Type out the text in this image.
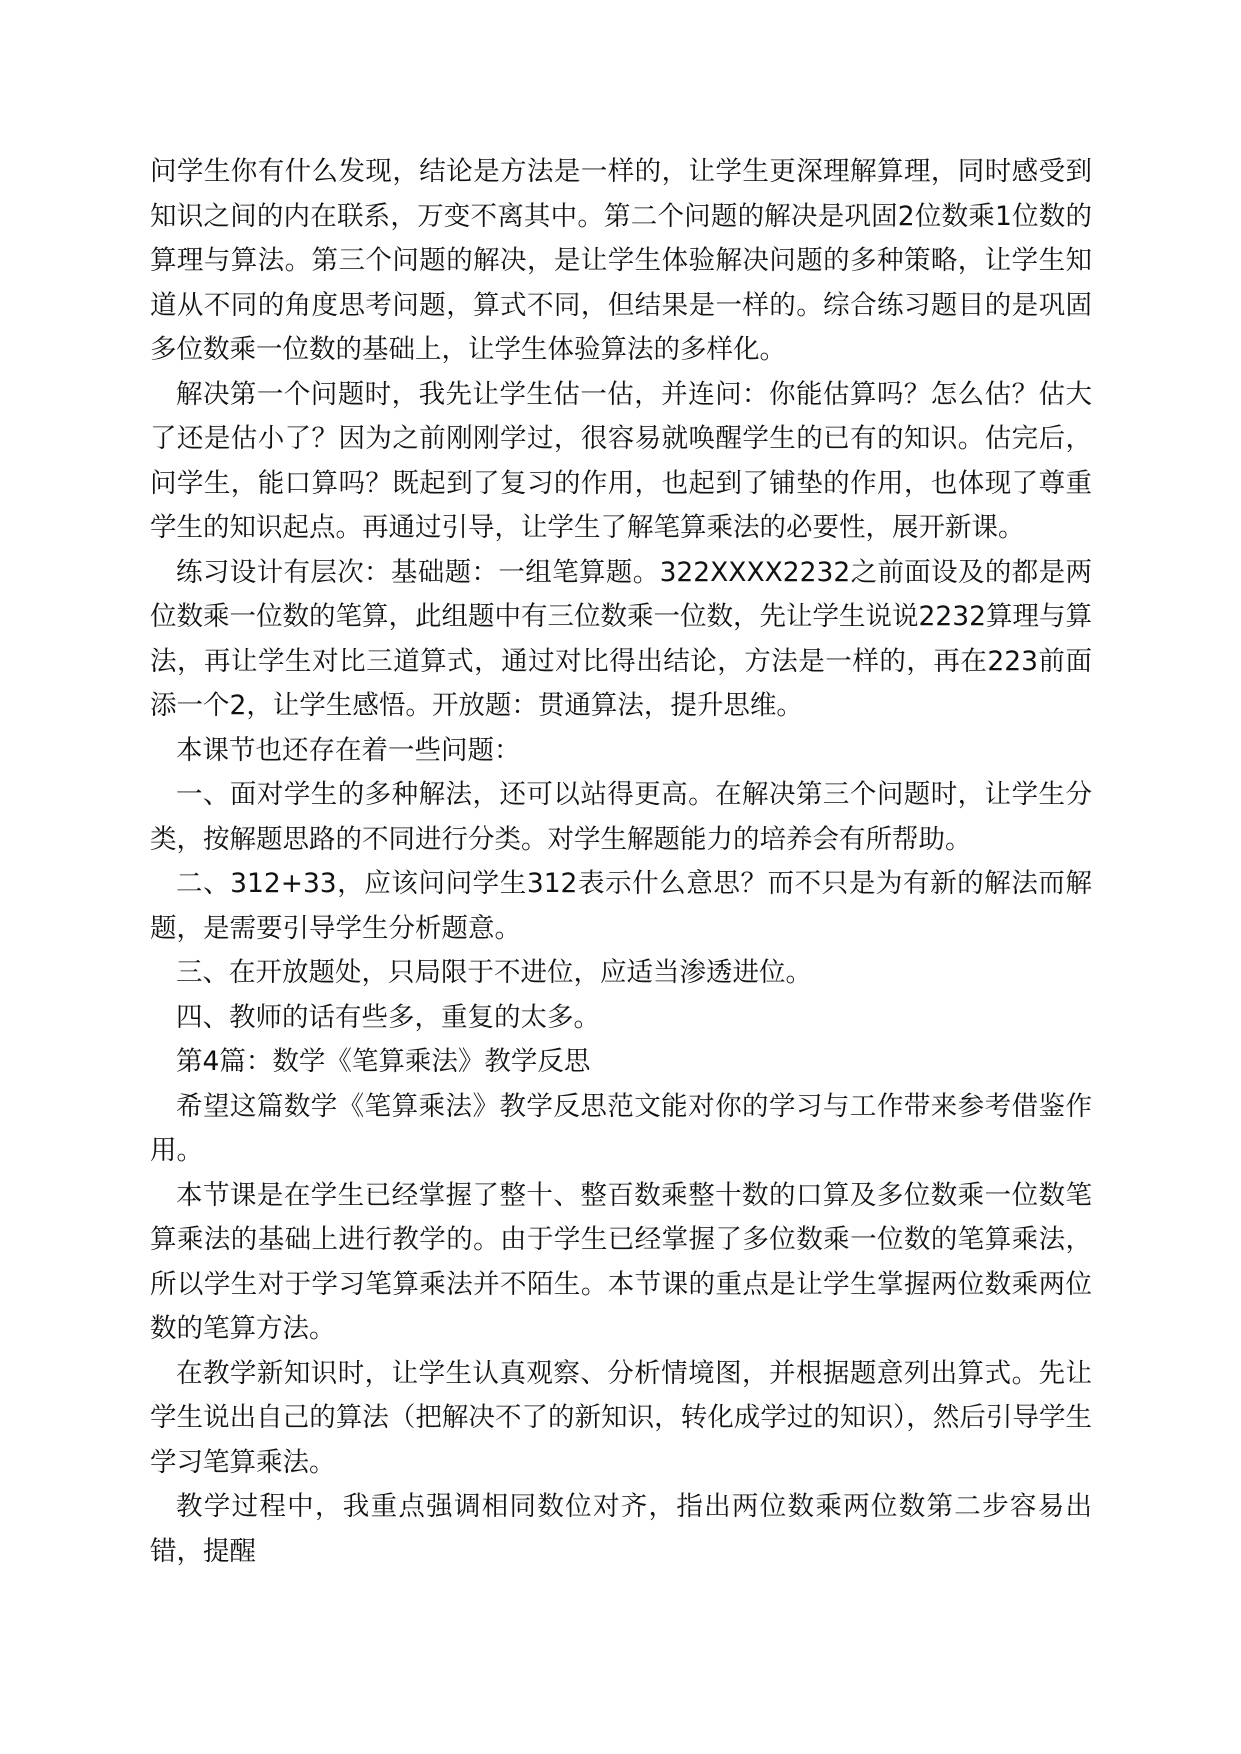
问学生你有什么发现，结论是方法是一样的，让学生更深理解算理，同时感受到知识之间的内在联系，万变不离其中。第二个问题的解决是巩固2位数乘1位数的算理与算法。第三个问题的解决，是让学生体验解决问题的多种策略，让学生知道从不同的角度思考问题，算式不同，但结果是一样的。综合练习题目的是巩固多位数乘一位数的基础上，让学生体验算法的多样化。

解决第一个问题时，我先让学生估一估，并连问：你能估算吗？怎么估？估大了还是估小了？因为之前刚刚学过，很容易就唤醒学生的已有的知识。估完后，问学生，能口算吗？既起到了复习的作用，也起到了铺垫的作用，也体现了尊重学生的知识起点。再通过引导，让学生了解笔算乘法的必要性，展开新课。

练习设计有层次：基础题：一组笔算题。322XXXX2232之前面设及的都是两位数乘一位数的笔算，此组题中有三位数乘一位数，先让学生说说2232算理与算法，再让学生对比三道算式，通过对比得出结论，方法是一样的，再在223前面添一个2，让学生感悟。开放题：贯通算法，提升思维。

本课节也还存在着一些问题：

一、面对学生的多种解法，还可以站得更高。在解决第三个问题时，让学生分类，按解题思路的不同进行分类。对学生解题能力的培养会有所帮助。

二、312+33，应该问问学生312表示什么意思？而不只是为有新的解法而解题，是需要引导学生分析题意。

三、在开放题处，只局限于不进位，应适当渗透进位。

四、教师的话有些多，重复的太多。

第4篇：数学《笔算乘法》教学反思

希望这篇数学《笔算乘法》教学反思范文能对你的学习与工作带来参考借鉴作用。

本节课是在学生已经掌握了整十、整百数乘整十数的口算及多位数乘一位数笔算乘法的基础上进行教学的。由于学生已经掌握了多位数乘一位数的笔算乘法，所以学生对于学习笔算乘法并不陌生。本节课的重点是让学生掌握两位数乘两位数的笔算方法。

在教学新知识时，让学生认真观察、分析情境图，并根据题意列出算式。先让学生说出自己的算法（把解决不了的新知识，转化成学过的知识），然后引导学生学习笔算乘法。

教学过程中，我重点强调相同数位对齐，指出两位数乘两位数第二步容易出错，提醒
